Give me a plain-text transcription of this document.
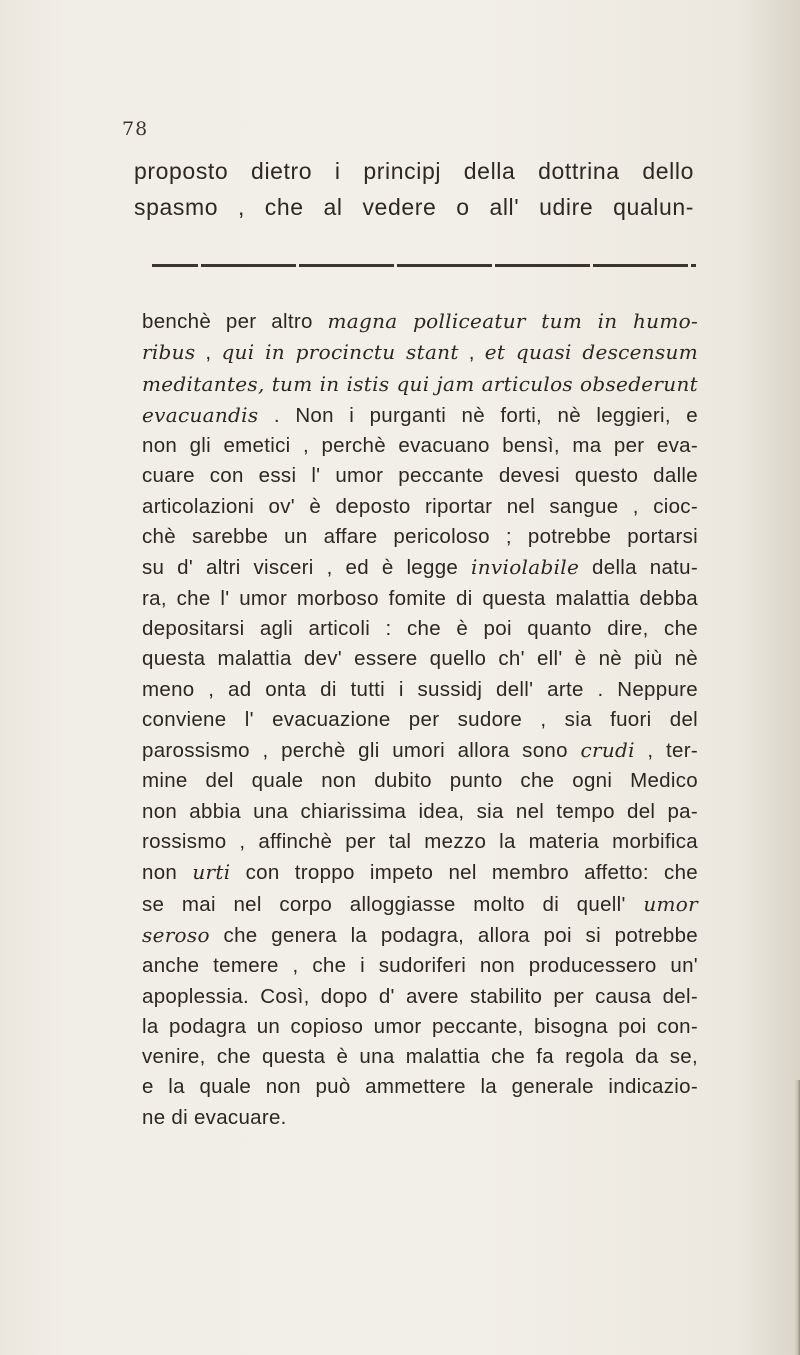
78
proposto dietro i principj della dottrina dello
spasmo , che al vedere o all' udire qualun-
benchè per altro magna polliceatur tum in humo-
ribus , qui in procinctu stant , et quasi descensum
meditantes, tum in istis qui jam articulos obsederunt
evacuandis . Non i purganti nè forti, nè leggieri, e
non gli emetici , perchè evacuano bensì, ma per eva-
cuare con essi l' umor peccante devesi questo dalle
articolazioni ov' è deposto riportar nel sangue , cioc-
chè sarebbe un affare pericoloso ; potrebbe portarsi
su d' altri visceri , ed è legge inviolabile della natu-
ra, che l' umor morboso fomite di questa malattia debba
depositarsi agli articoli : che è poi quanto dire, che
questa malattia dev' essere quello ch' ell' è nè più nè
meno , ad onta di tutti i sussidj dell' arte . Neppure
conviene l' evacuazione per sudore , sia fuori del
parossismo , perchè gli umori allora sono crudi , ter-
mine del quale non dubito punto che ogni Medico
non abbia una chiarissima idea, sia nel tempo del pa-
rossismo , affinchè per tal mezzo la materia morbifica
non urti con troppo impeto nel membro affetto: che
se mai nel corpo alloggiasse molto di quell' umor
seroso che genera la podagra, allora poi si potrebbe
anche temere , che i sudoriferi non producessero un'
apoplessia. Così, dopo d' avere stabilito per causa del-
la podagra un copioso umor peccante, bisogna poi con-
venire, che questa è una malattia che fa regola da se,
e la quale non può ammettere la generale indicazio-
ne di evacuare.
